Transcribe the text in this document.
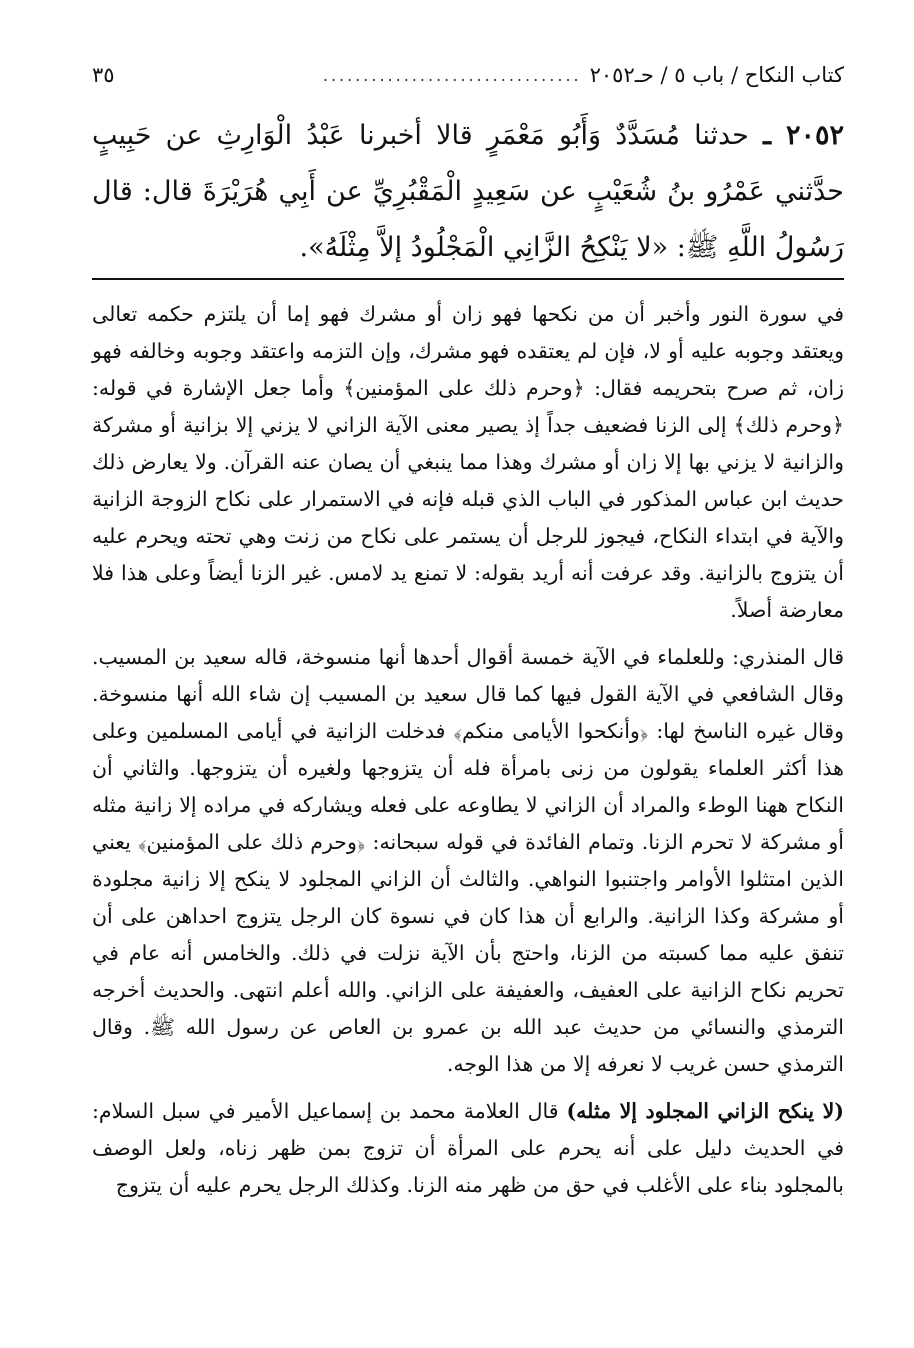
كتاب النكاح / باب ٥ / حـ٢٠٥٢
................................
٣٥
٢٠٥٢ ـ حدثنا مُسَدَّدٌ وَأَبُو مَعْمَرٍ قالا أخبرنا عَبْدُ الْوَارِثِ عن حَبِيبٍ حدَّثني عَمْرُو بنُ شُعَيْبٍ عن سَعِيدٍ الْمَقْبُرِيِّ عن أَبِي هُرَيْرَةَ قال: قال رَسُولُ اللَّهِ ﷺ: «لا يَنْكِحُ الزَّانِي الْمَجْلُودُ إلاَّ مِثْلَهُ».

في سورة النور وأخبر أن من نكحها فهو زان أو مشرك فهو إما أن يلتزم حكمه تعالى ويعتقد وجوبه عليه أو لا، فإن لم يعتقده فهو مشرك، وإن التزمه واعتقد وجوبه وخالفه فهو زان، ثم صرح بتحريمه فقال: ﴿وحرم ذلك على المؤمنين﴾ وأما جعل الإشارة في قوله: ﴿وحرم ذلك﴾ إلى الزنا فضعيف جداً إذ يصير معنى الآية الزاني لا يزني إلا بزانية أو مشركة والزانية لا يزني بها إلا زان أو مشرك وهذا مما ينبغي أن يصان عنه القرآن. ولا يعارض ذلك حديث ابن عباس المذكور في الباب الذي قبله فإنه في الاستمرار على نكاح الزوجة الزانية والآية في ابتداء النكاح، فيجوز للرجل أن يستمر على نكاح من زنت وهي تحته ويحرم عليه أن يتزوج بالزانية. وقد عرفت أنه أريد بقوله: لا تمنع يد لامس. غير الزنا أيضاً وعلى هذا فلا معارضة أصلاً.

قال المنذري: وللعلماء في الآية خمسة أقوال أحدها أنها منسوخة، قاله سعيد بن المسيب. وقال الشافعي في الآية القول فيها كما قال سعيد بن المسيب إن شاء الله أنها منسوخة. وقال غيره الناسخ لها: ﴿وأنكحوا الأيامى منكم﴾ فدخلت الزانية في أيامى المسلمين وعلى هذا أكثر العلماء يقولون من زنى بامرأة فله أن يتزوجها ولغيره أن يتزوجها. والثاني أن النكاح ههنا الوطء والمراد أن الزاني لا يطاوعه على فعله ويشاركه في مراده إلا زانية مثله أو مشركة لا تحرم الزنا. وتمام الفائدة في قوله سبحانه: ﴿وحرم ذلك على المؤمنين﴾ يعني الذين امتثلوا الأوامر واجتنبوا النواهي. والثالث أن الزاني المجلود لا ينكح إلا زانية مجلودة أو مشركة وكذا الزانية. والرابع أن هذا كان في نسوة كان الرجل يتزوج احداهن على أن تنفق عليه مما كسبته من الزنا، واحتج بأن الآية نزلت في ذلك. والخامس أنه عام في تحريم نكاح الزانية على العفيف، والعفيفة على الزاني. والله أعلم انتهى. والحديث أخرجه الترمذي والنسائي من حديث عبد الله بن عمرو بن العاص عن رسول الله ﷺ. وقال الترمذي حسن غريب لا نعرفه إلا من هذا الوجه.

(لا ينكح الزاني المجلود إلا مثله) قال العلامة محمد بن إسماعيل الأمير في سبل السلام: في الحديث دليل على أنه يحرم على المرأة أن تزوج بمن ظهر زناه، ولعل الوصف بالمجلود بناء على الأغلب في حق من ظهر منه الزنا. وكذلك الرجل يحرم عليه أن يتزوج
